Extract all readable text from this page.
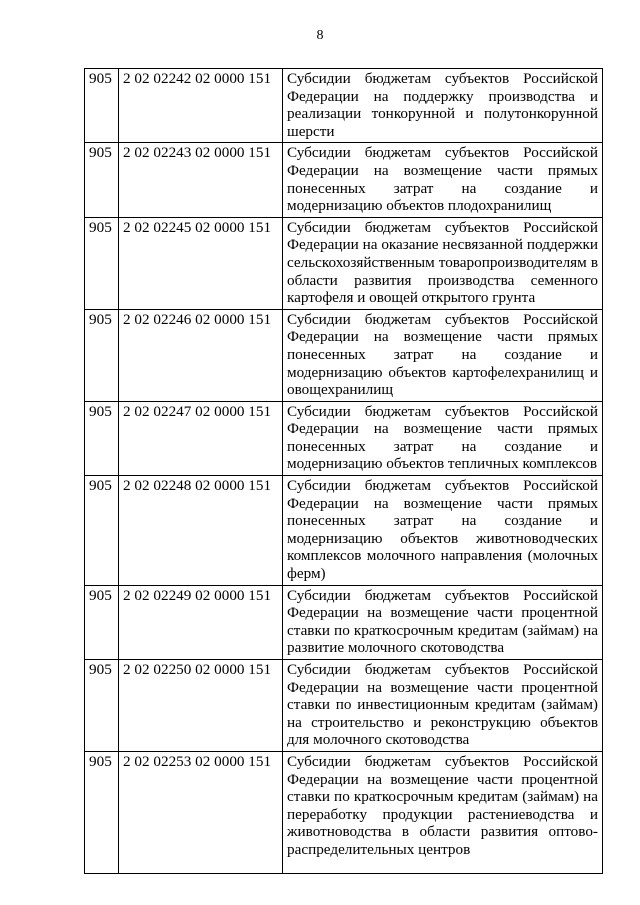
8
905	2 02 02242 02 0000 151	Субсидии бюджетам субъектов Российской Федерации на поддержку производства и реализации тонкорунной и полутонкорунной шерсти
905	2 02 02243 02 0000 151	Субсидии бюджетам субъектов Российской Федерации на возмещение части прямых понесенных затрат на создание и модернизацию объектов плодохранилищ
905	2 02 02245 02 0000 151	Субсидии бюджетам субъектов Российской Федерации на оказание несвязанной поддержки сельскохозяйственным товаропроизводителям в области развития производства семенного картофеля и овощей открытого грунта
905	2 02 02246 02 0000 151	Субсидии бюджетам субъектов Российской Федерации на возмещение части прямых понесенных затрат на создание и модернизацию объектов картофелехранилищ и овощехранилищ
905	2 02 02247 02 0000 151	Субсидии бюджетам субъектов Российской Федерации на возмещение части прямых понесенных затрат на создание и модернизацию объектов тепличных комплексов
905	2 02 02248 02 0000 151	Субсидии бюджетам субъектов Российской Федерации на возмещение части прямых понесенных затрат на создание и модернизацию объектов животноводческих комплексов молочного направления (молочных ферм)
905	2 02 02249 02 0000 151	Субсидии бюджетам субъектов Российской Федерации на возмещение части процентной ставки по краткосрочным кредитам (займам) на развитие молочного скотоводства
905	2 02 02250 02 0000 151	Субсидии бюджетам субъектов Российской Федерации на возмещение части процентной ставки по инвестиционным кредитам (займам) на строительство и реконструкцию объектов для молочного скотоводства
905	2 02 02253 02 0000 151	Субсидии бюджетам субъектов Российской Федерации на возмещение части процентной ставки по краткосрочным кредитам (займам) на переработку продукции растениеводства и животноводства в области развития оптово-распределительных центров
